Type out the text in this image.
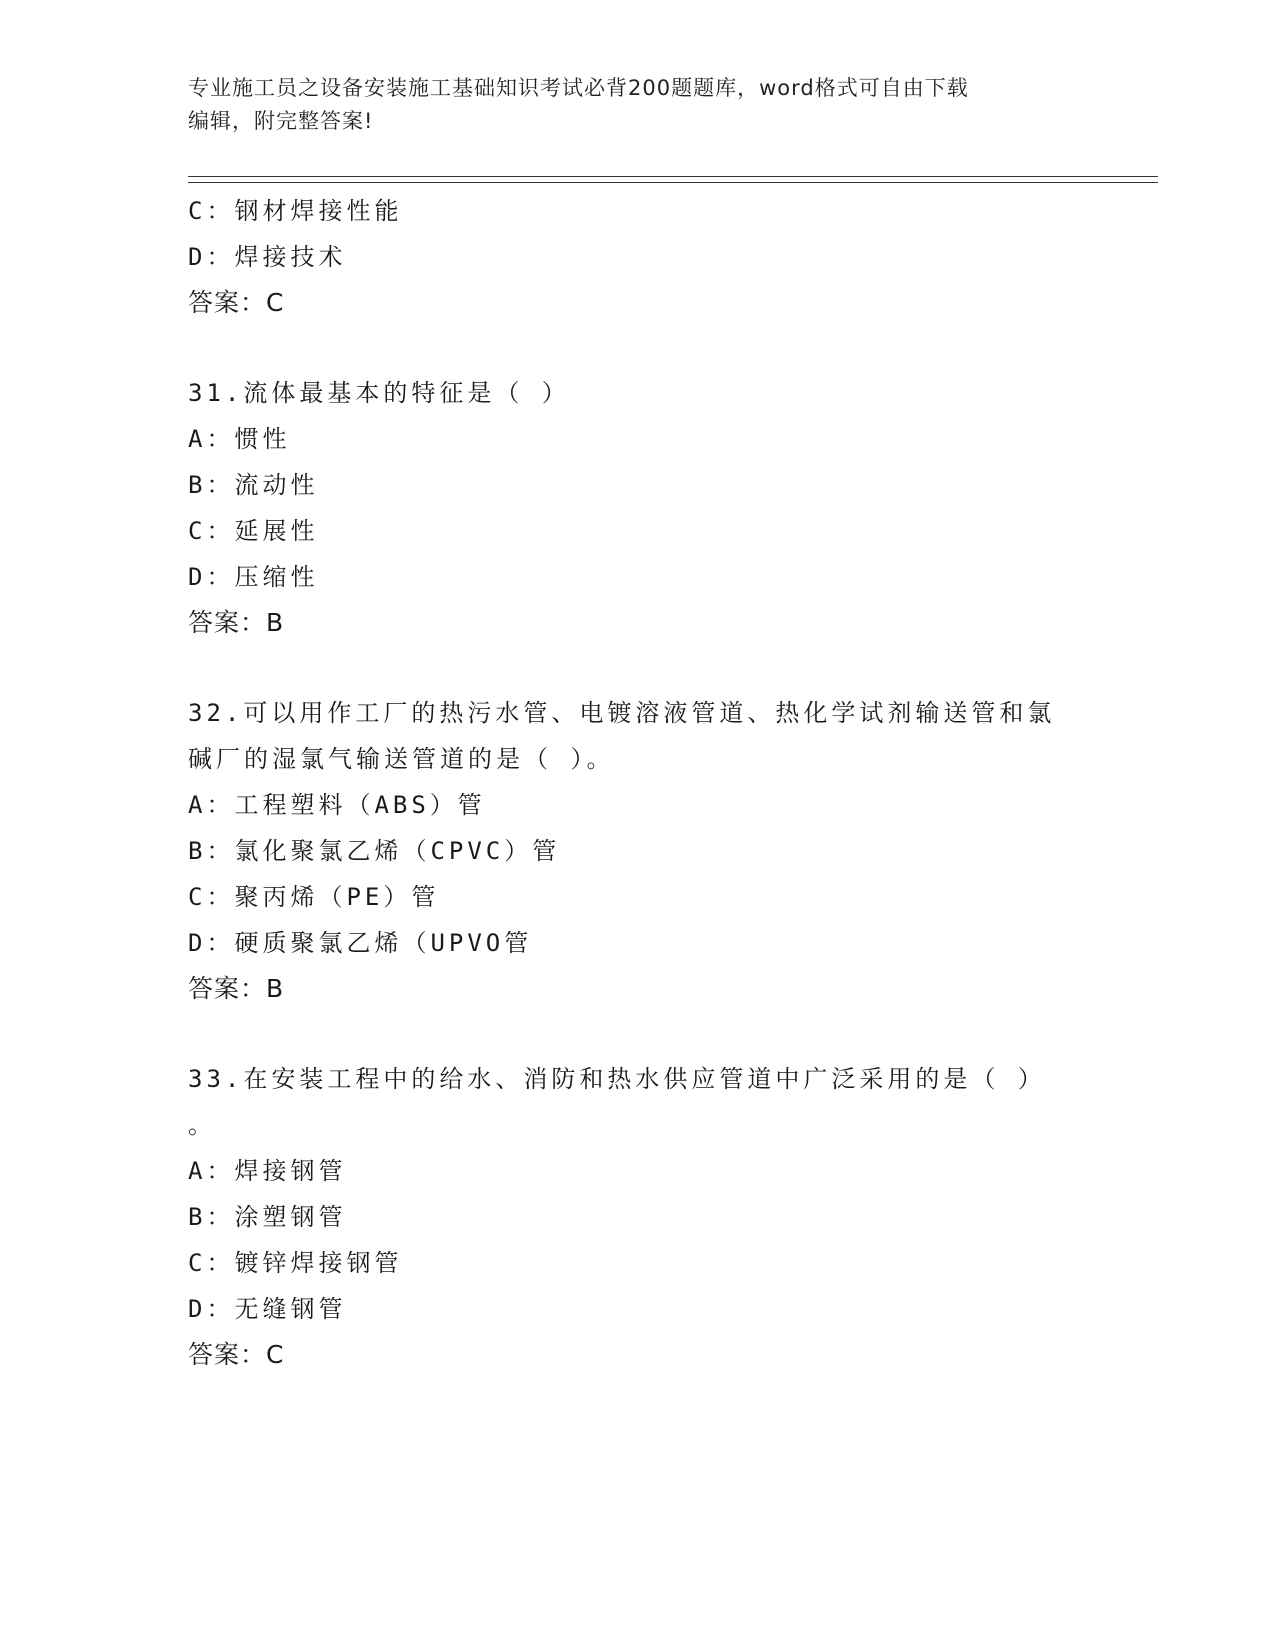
专业施工员之设备安装施工基础知识考试必背200题题库，word格式可自由下载
编辑，附完整答案!
C：钢材焊接性能
D：焊接技术
答案：C
31.流体最基本的特征是（ ）
A：惯性
B：流动性
C：延展性
D：压缩性
答案：B
32.可以用作工厂的热污水管、电镀溶液管道、热化学试剂输送管和氯
碱厂的湿氯气输送管道的是（ ）。
A：工程塑料（ABS）管
B：氯化聚氯乙烯（CPVC）管
C：聚丙烯（PE）管
D：硬质聚氯乙烯（UPVO管
答案：B
33.在安装工程中的给水、消防和热水供应管道中广泛采用的是（ ）
。
A：焊接钢管
B：涂塑钢管
C：镀锌焊接钢管
D：无缝钢管
答案：C
